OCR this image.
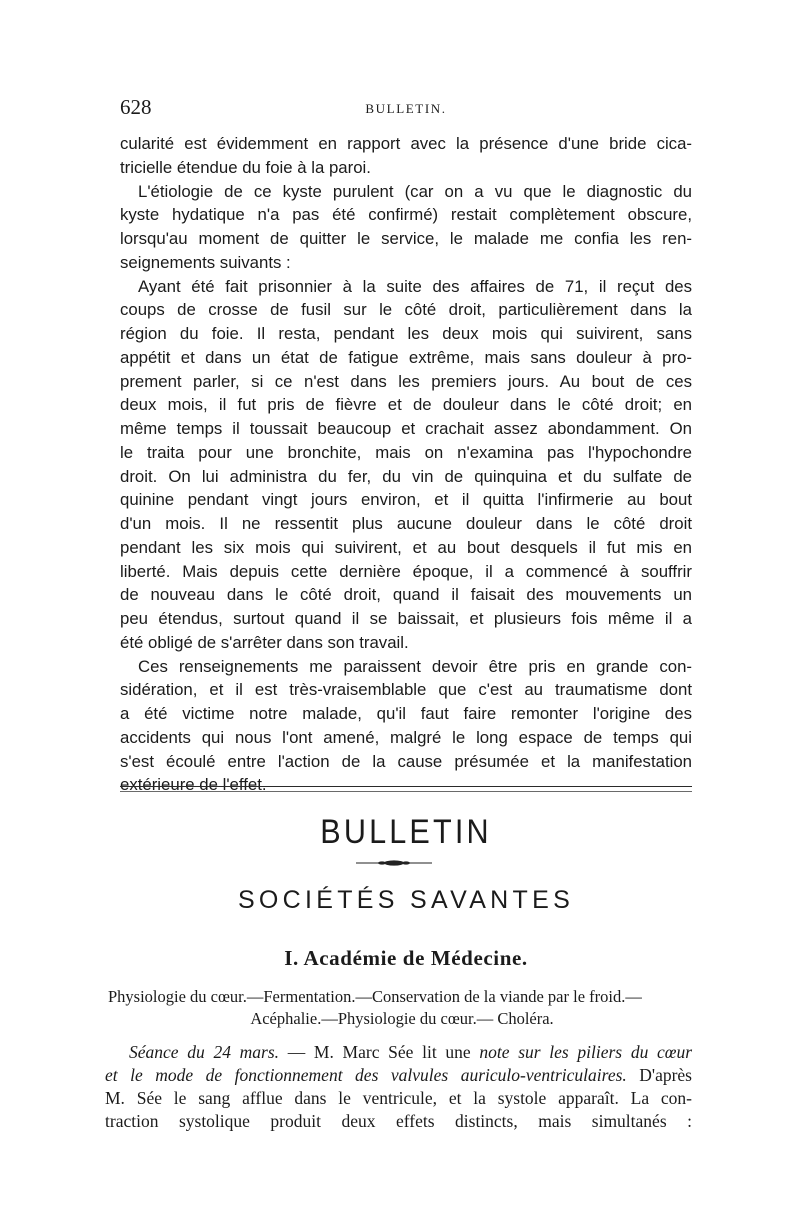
628	BULLETIN.
cularité est évidemment en rapport avec la présence d'une bride cica-
tricielle étendue du foie à la paroi.
L'étiologie de ce kyste purulent (car on a vu que le diagnostic du
kyste hydatique n'a pas été confirmé) restait complètement obscure,
lorsqu'au moment de quitter le service, le malade me confia les ren-
seignements suivants :
Ayant été fait prisonnier à la suite des affaires de 71, il reçut des
coups de crosse de fusil sur le côté droit, particulièrement dans la
région du foie. Il resta, pendant les deux mois qui suivirent, sans
appétit et dans un état de fatigue extrême, mais sans douleur à pro-
prement parler, si ce n'est dans les premiers jours. Au bout de ces
deux mois, il fut pris de fièvre et de douleur dans le côté droit; en
même temps il toussait beaucoup et crachait assez abondamment. On
le traita pour une bronchite, mais on n'examina pas l'hypochondre
droit. On lui administra du fer, du vin de quinquina et du sulfate de
quinine pendant vingt jours environ, et il quitta l'infirmerie au bout
d'un mois. Il ne ressentit plus aucune douleur dans le côté droit
pendant les six mois qui suivirent, et au bout desquels il fut mis en
liberté. Mais depuis cette dernière époque, il a commencé à souffrir
de nouveau dans le côté droit, quand il faisait des mouvements un
peu étendus, surtout quand il se baissait, et plusieurs fois même il a
été obligé de s'arrêter dans son travail.
Ces renseignements me paraissent devoir être pris en grande con-
sidération, et il est très-vraisemblable que c'est au traumatisme dont
a été victime notre malade, qu'il faut faire remonter l'origine des
accidents qui nous l'ont amené, malgré le long espace de temps qui
s'est écoulé entre l'action de la cause présumée et la manifestation
extérieure de l'effet.
BULLETIN
SOCIÉTÉS SAVANTES
I. Académie de Médecine.
Physiologie du cœur.—Fermentation.—Conservation de la viande par le froid.—
Acéphalie.—Physiologie du cœur.— Choléra.
Séance du 24 mars. — M. Marc Sée lit une note sur les piliers du cœur
et le mode de fonctionnement des valvules auriculo-ventriculaires. D'après
M. Sée le sang afflue dans le ventricule, et la systole apparaît. La con-
traction systolique produit deux effets distincts, mais simultanés :
